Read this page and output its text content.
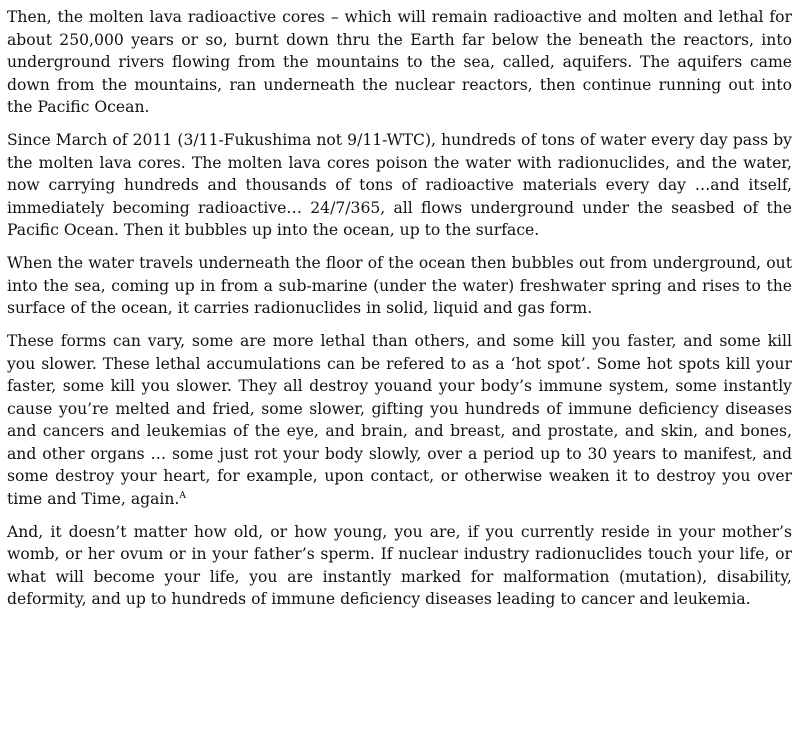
Then, the molten lava radioactive cores – which will remain radioactive and molten and lethal for about 250,000 years or so, burnt down thru the Earth far below the beneath the reactors, into underground rivers flowing from the mountains to the sea, called, aquifers. The aquifers came down from the mountains, ran underneath the nuclear reactors, then continue running out into the Pacific Ocean.

Since March of 2011 (3/11-Fukushima not 9/11-WTC), hundreds of tons of water every day pass by the molten lava cores. The molten lava cores poison the water with radionuclides, and the water, now carrying hundreds and thousands of tons of radioactive materials every day …and itself, immediately becoming radioactive… 24/7/365, all flows underground under the seasbed of the Pacific Ocean. Then it bubbles up into the ocean, up to the surface.

When the water travels underneath the floor of the ocean then bubbles out from underground, out into the sea, coming up in from a sub-marine (under the water) freshwater spring and rises to the surface of the ocean, it carries radionuclides in solid, liquid and gas form.

These forms can vary, some are more lethal than others, and some kill you faster, and some kill you slower. These lethal accumulations can be refered to as a ‘hot spot’. Some hot spots kill your faster, some kill you slower. They all destroy youand your body’s immune system, some instantly cause you’re melted and fried, some slower, gifting you hundreds of immune deficiency diseases and cancers and leukemias of the eye, and brain, and breast, and prostate, and skin, and bones, and other organs … some just rot your body slowly, over a period up to 30 years to manifest, and some destroy your heart, for example, upon contact, or otherwise weaken it to destroy you over time and Time, again.$^A$

And, it doesn’t matter how old, or how young, you are, if you currently reside in your mother’s womb, or her ovum or in your father’s sperm. If nuclear industry radionuclides touch your life, or what will become your life, you are instantly marked for malformation (mutation), disability, deformity, and up to hundreds of immune deficiency diseases leading to cancer and leukemia.
